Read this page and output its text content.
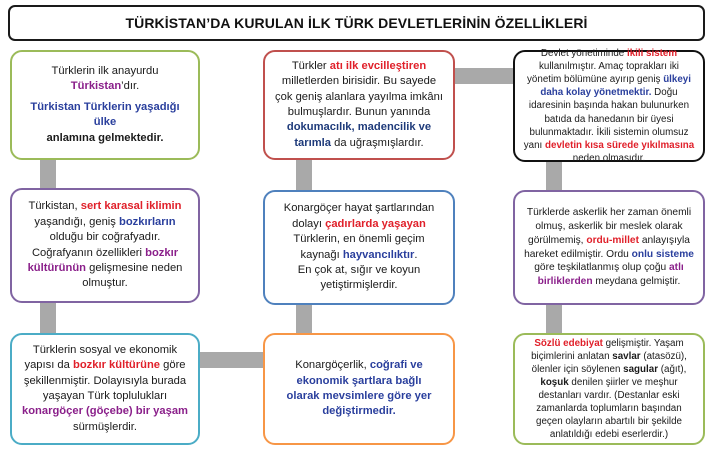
TÜRKİSTAN’DA KURULAN İLK TÜRK DEVLETLERİNİN ÖZELLİKLERİ

Türklerin ilk anayurdu
Türkistan’dır.

Türkistan Türklerin yaşadığı ülke
anlamına gelmektedir.

Türkler atı ilk evcilleştiren milletlerden birisidir. Bu sayede çok geniş alanlara yayılma imkânı bulmuşlardır. Bunun yanında dokumacılık, madencilik ve tarımla da uğraşmışlardır.

Devlet yönetiminde ikili sistem kullanılmıştır. Amaç toprakları iki yönetim bölümüne ayırıp geniş ülkeyi daha kolay yönetmektir. Doğu idaresinin başında hakan bulunurken batıda da hanedanın bir üyesi bulunmaktadır. İkili sistemin olumsuz yanı devletin kısa sürede yıkılmasına neden olmasıdır.

Türkistan, sert karasal iklimin yaşandığı, geniş bozkırların olduğu bir coğrafyadır. Coğrafyanın özellikleri bozkır kültürünün gelişmesine neden olmuştur.

Konargöçer hayat şartlarından dolayı çadırlarda yaşayan Türklerin, en önemli geçim kaynağı hayvancılıktır.

En çok at, sığır ve koyun yetiştirmişlerdir.

Türklerde askerlik her zaman önemli olmuş, askerlik bir meslek olarak görülmemiş, ordu-millet anlayışıyla hareket edilmiştir. Ordu onlu sisteme göre teşkilatlanmış olup çoğu atlı birliklerden meydana gelmiştir.

Türklerin sosyal ve ekonomik yapısı da bozkır kültürüne göre şekillenmiştir. Dolayısıyla burada yaşayan Türk toplulukları konargöçer (göçebe) bir yaşam sürmüşlerdir.

Konargöçerlik, coğrafi ve ekonomik şartlara bağlı olarak mevsimlere göre yer değiştirmedir.

Sözlü edebiyat gelişmiştir. Yaşam biçimlerini anlatan savlar (atasözü), ölenler için söylenen sagular (ağıt), koşuk denilen şiirler ve meşhur destanları vardır. (Destanlar eski zamanlarda toplumların başından geçen olayların abartılı bir şekilde anlatıldığı edebi eserlerdir.)
